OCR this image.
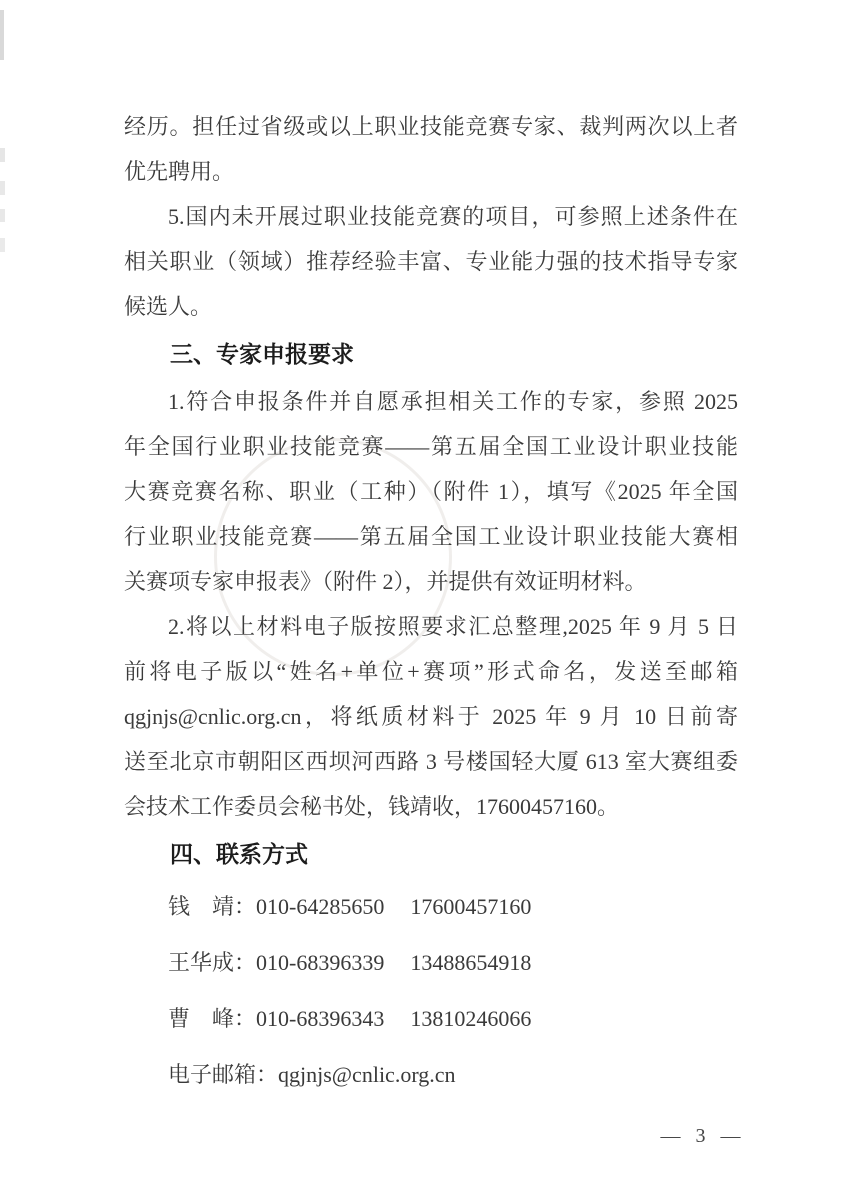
经历。担任过省级或以上职业技能竞赛专家、裁判两次以上者
优先聘用。
5.国内未开展过职业技能竞赛的项目，可参照上述条件在
相关职业（领域）推荐经验丰富、专业能力强的技术指导专家
候选人。
三、专家申报要求
1.符合申报条件并自愿承担相关工作的专家，参照 2025
年全国行业职业技能竞赛——第五届全国工业设计职业技能
大赛竞赛名称、职业（工种）（附件 1），填写《2025 年全国
行业职业技能竞赛——第五届全国工业设计职业技能大赛相
关赛项专家申报表》（附件 2），并提供有效证明材料。
2.将以上材料电子版按照要求汇总整理,2025 年 9 月 5 日
前将电子版以“姓名+单位+赛项”形式命名，发送至邮箱
qgjnjs@cnlic.org.cn，将纸质材料于 2025 年 9 月 10 日前寄
送至北京市朝阳区西坝河西路 3 号楼国轻大厦 613 室大赛组委
会技术工作委员会秘书处，钱靖收，17600457160。
四、联系方式
钱　靖：010-64285650 17600457160
王华成：010-68396339 13488654918
曹　峰：010-68396343 13810246066
电子邮箱：qgjnjs@cnlic.org.cn
— 3 —
